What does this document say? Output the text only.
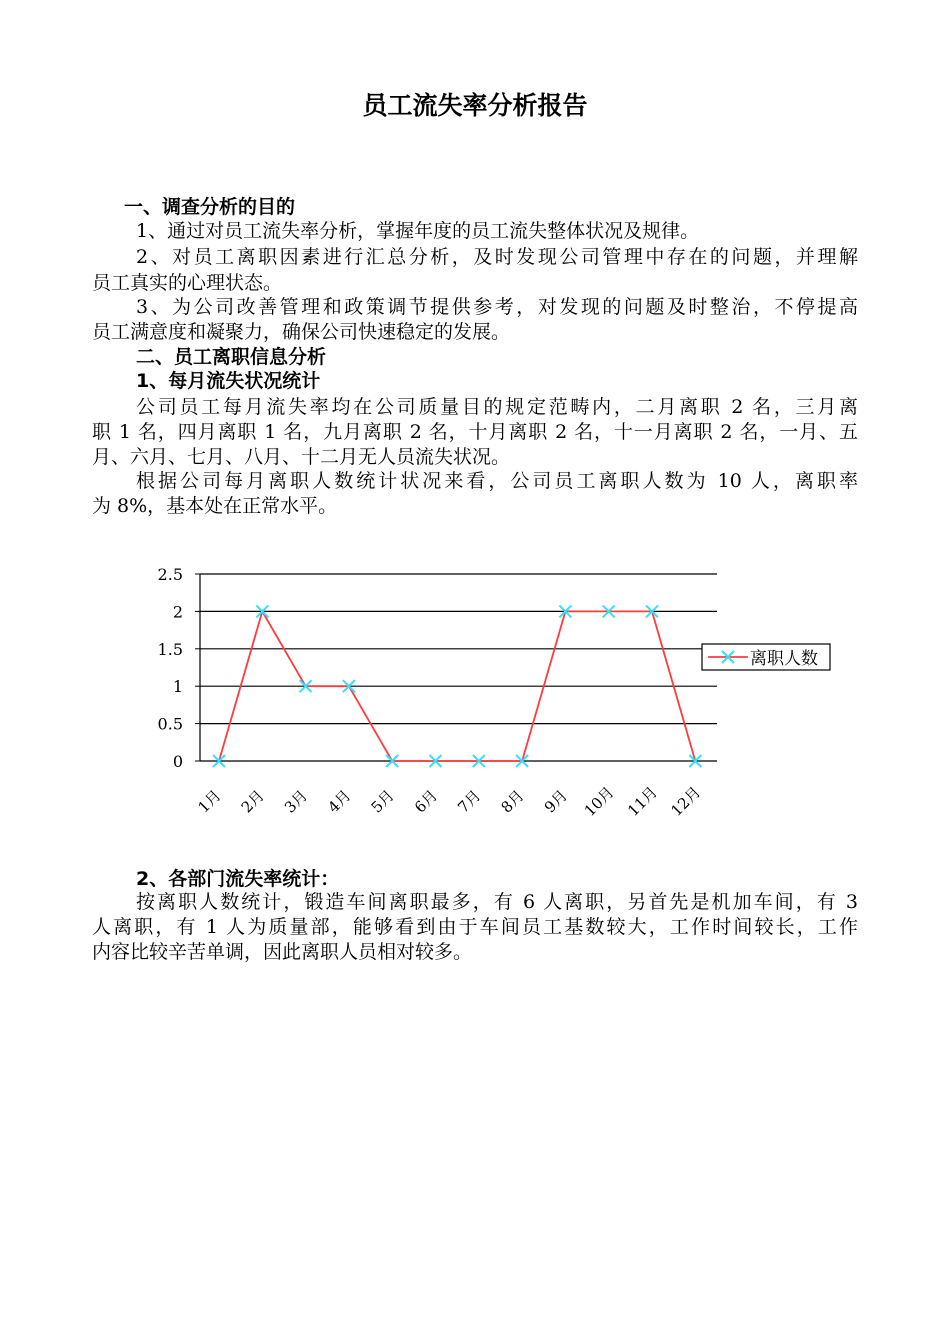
员工流失率分析报告
一、调查分析的目的
1、通过对员工流失率分析，掌握年度的员工流失整体状况及规律。
2、对员工离职因素进行汇总分析，及时发现公司管理中存在的问题，并理解
员工真实的心理状态。
3、为公司改善管理和政策调节提供参考，对发现的问题及时整治，不停提高
员工满意度和凝聚力，确保公司快速稳定的发展。
二、员工离职信息分析
1、每月流失状况统计
公司员工每月流失率均在公司质量目的规定范畴内，二月离职 2 名，三月离
职 1 名，四月离职 1 名，九月离职 2 名，十月离职 2 名，十一月离职 2 名，一月、五
月、六月、七月、八月、十二月无人员流失状况。
根据公司每月离职人数统计状况来看，公司员工离职人数为 10 人，离职率
为 8%，基本处在正常水平。
0
0.5
1
1.5
2
2.5
1月 2月 3月 4月 5月 6月 7月 8月 9月 10月 11月 12月
离职人数
2、各部门流失率统计：
按离职人数统计，锻造车间离职最多，有 6 人离职，另首先是机加车间，有 3
人离职，有 1 人为质量部，能够看到由于车间员工基数较大，工作时间较长，工作
内容比较辛苦单调，因此离职人员相对较多。
